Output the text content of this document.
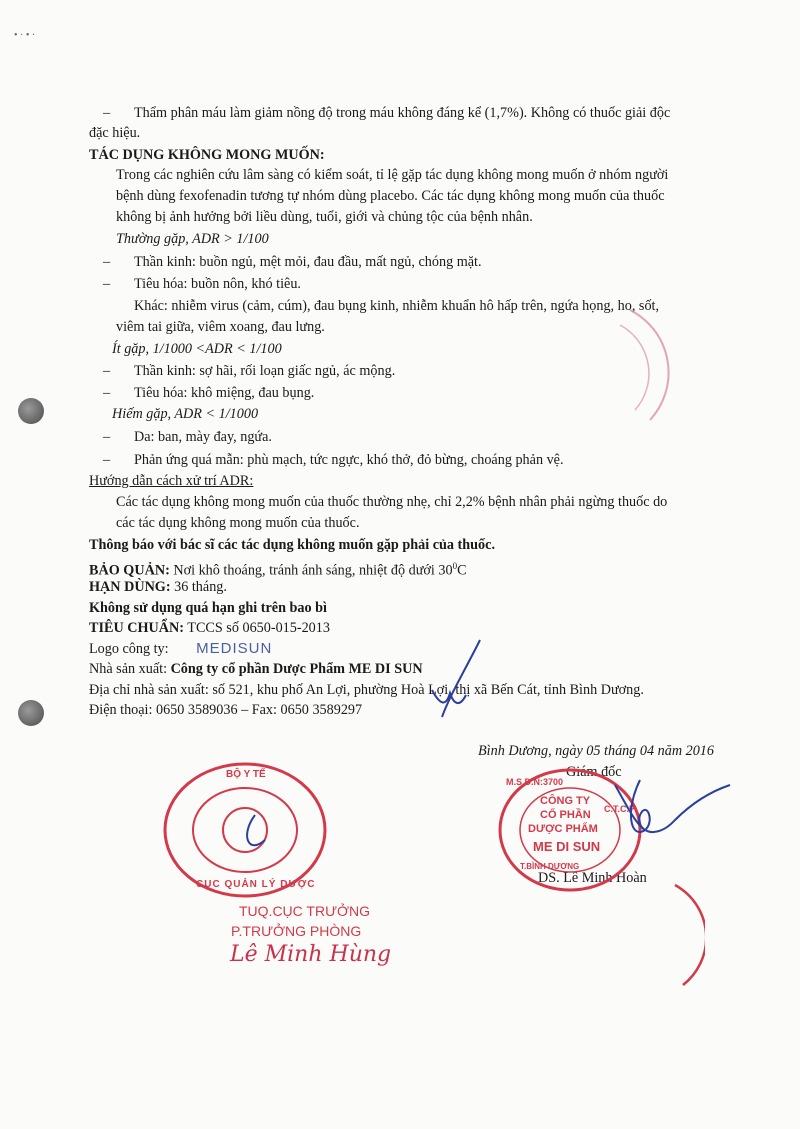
• · • ·
– Thẩm phân máu làm giảm nồng độ trong máu không đáng kể (1,7%). Không có thuốc giải độc
đặc hiệu.
TÁC DỤNG KHÔNG MONG MUỐN:
Trong các nghiên cứu lâm sàng có kiểm soát, tỉ lệ gặp tác dụng không mong muốn ở nhóm người
bệnh dùng fexofenadin tương tự nhóm dùng placebo. Các tác dụng không mong muốn của thuốc
không bị ảnh hưởng bởi liều dùng, tuổi, giới và chủng tộc của bệnh nhân.
Thường gặp, ADR > 1/100
– Thần kinh: buồn ngủ, mệt mỏi, đau đầu, mất ngủ, chóng mặt.
– Tiêu hóa: buồn nôn, khó tiêu.
Khác: nhiễm virus (cảm, cúm), đau bụng kinh, nhiễm khuẩn hô hấp trên, ngứa họng, ho, sốt,
viêm tai giữa, viêm xoang, đau lưng.
Ít gặp, 1/1000 <ADR < 1/100
– Thần kinh: sợ hãi, rối loạn giấc ngủ, ác mộng.
– Tiêu hóa: khô miệng, đau bụng.
Hiếm gặp, ADR < 1/1000
– Da: ban, mày đay, ngứa.
– Phản ứng quá mẫn: phù mạch, tức ngực, khó thở, đỏ bừng, choáng phản vệ.
Hướng dẫn cách xử trí ADR:
Các tác dụng không mong muốn của thuốc thường nhẹ, chỉ 2,2% bệnh nhân phải ngừng thuốc do
các tác dụng không mong muốn của thuốc.
Thông báo với bác sĩ các tác dụng không muốn gặp phải của thuốc.
BẢO QUẢN: Nơi khô thoáng, tránh ánh sáng, nhiệt độ dưới $30^0C$
HẠN DÙNG: 36 tháng.
Không sử dụng quá hạn ghi trên bao bì
TIÊU CHUẨN: TCCS số 0650-015-2013
Logo công ty: MEDISUN
Nhà sản xuất: Công ty cổ phần Dược Phẩm ME DI SUN
Địa chỉ nhà sản xuất: số 521, khu phố An Lợi, phường Hoà Lợi, thị xã Bến Cát, tỉnh Bình Dương.
Điện thoại: 0650 3589036 – Fax: 0650 3589297
Bình Dương, ngày 05 tháng 04 năm 2016
Giám đốc
DS. Lê Minh Hoàn
BỘ Y TẾ
CỤC QUẢN LÝ DƯỢC
TUQ.CỤC TRƯỞNG
P.TRƯỞNG PHÒNG
Lê Minh Hùng
M.S.D.N:3700
C.T.C.P
CÔNG TY
CỔ PHẦN
DƯỢC PHẨM
ME DI SUN
T.BÌNH DƯƠNG
